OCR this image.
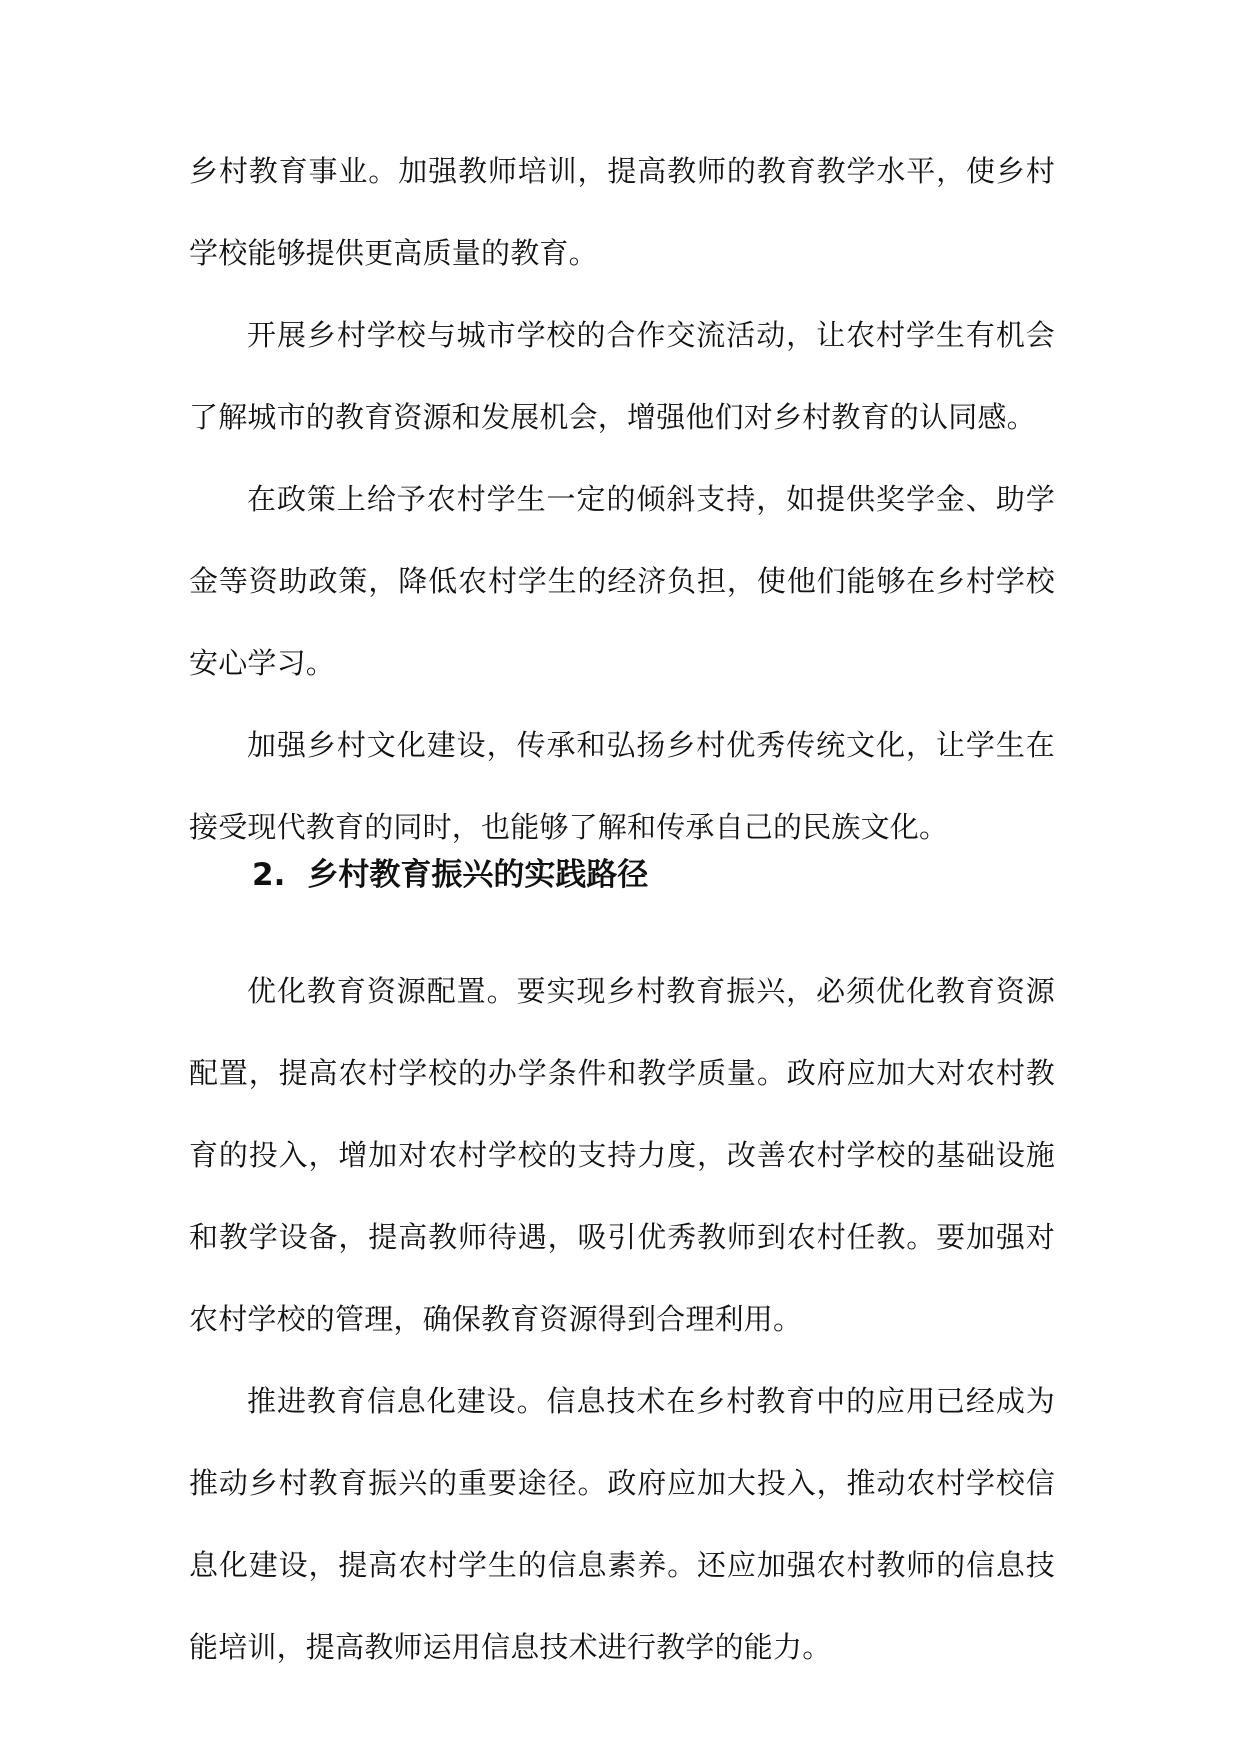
乡村教育事业。加强教师培训，提高教师的教育教学水平，使乡村学校能够提供更高质量的教育。

开展乡村学校与城市学校的合作交流活动，让农村学生有机会了解城市的教育资源和发展机会，增强他们对乡村教育的认同感。

在政策上给予农村学生一定的倾斜支持，如提供奖学金、助学金等资助政策，降低农村学生的经济负担，使他们能够在乡村学校安心学习。

加强乡村文化建设，传承和弘扬乡村优秀传统文化，让学生在接受现代教育的同时，也能够了解和传承自己的民族文化。

2. 乡村教育振兴的实践路径

优化教育资源配置。要实现乡村教育振兴，必须优化教育资源配置，提高农村学校的办学条件和教学质量。政府应加大对农村教育的投入，增加对农村学校的支持力度，改善农村学校的基础设施和教学设备，提高教师待遇，吸引优秀教师到农村任教。要加强对农村学校的管理，确保教育资源得到合理利用。

推进教育信息化建设。信息技术在乡村教育中的应用已经成为推动乡村教育振兴的重要途径。政府应加大投入，推动农村学校信息化建设，提高农村学生的信息素养。还应加强农村教师的信息技能培训，提高教师运用信息技术进行教学的能力。
